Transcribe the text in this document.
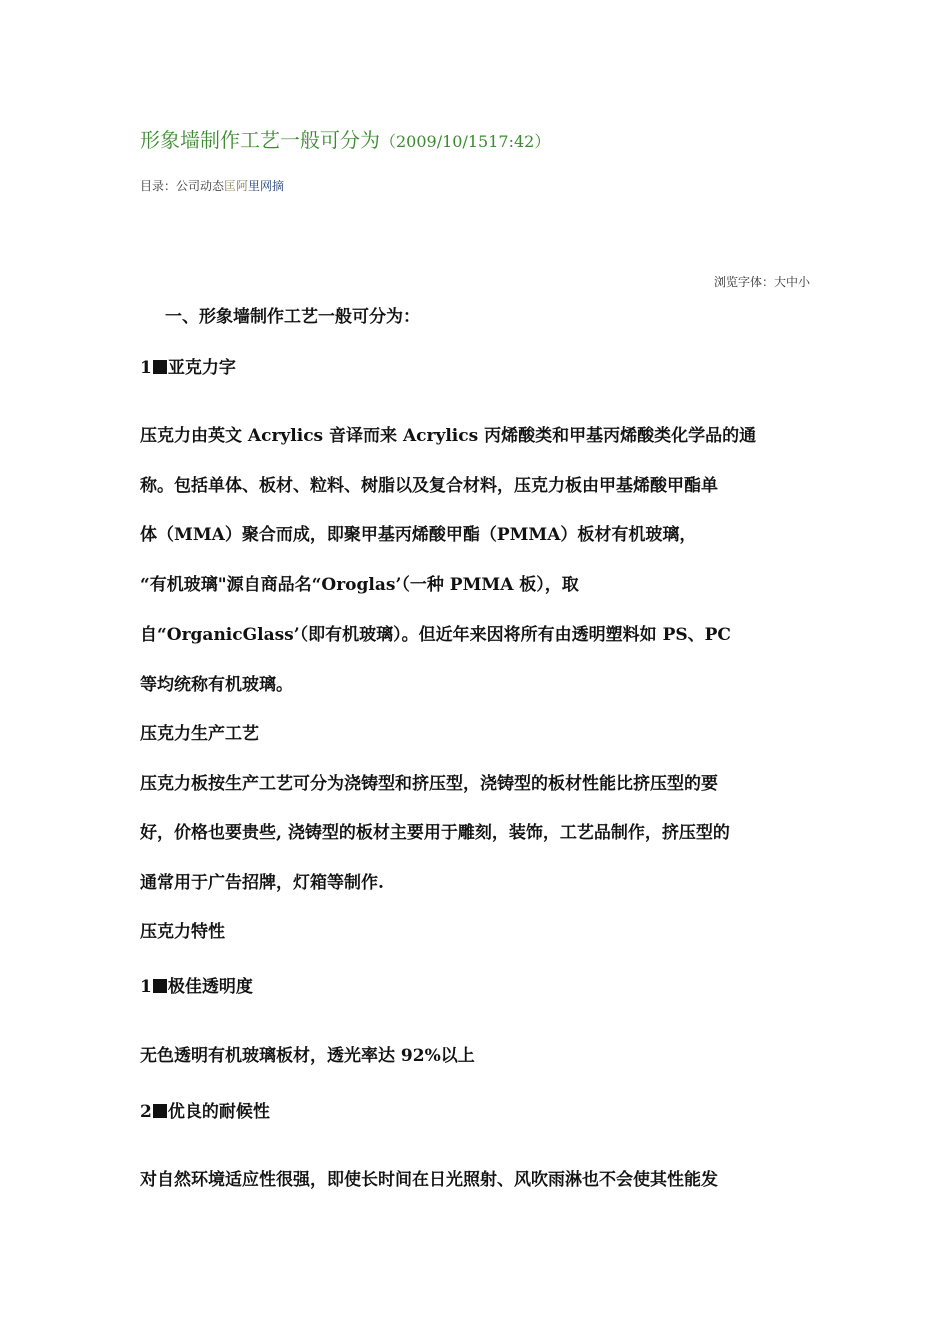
形象墙制作工艺一般可分为（2009/10/1517:42）
目录：公司动态匡阿里网摘
浏览字体：大中小
一、形象墙制作工艺一般可分为：
1 亚克力字
压克力由英文 Acrylics 音译而来 Acrylics 丙烯酸类和甲基丙烯酸类化学品的通
称。包括单体、板材、粒料、树脂以及复合材料，压克力板由甲基烯酸甲酯单
体（MMA）聚合而成，即聚甲基丙烯酸甲酯（PMMA）板材有机玻璃，
“有机玻璃"源自商品名“Oroglas’（一种 PMMA 板），取
自“OrganicGlass’（即有机玻璃）。但近年来因将所有由透明塑料如 PS、PC
等均统称有机玻璃。
压克力生产工艺
压克力板按生产工艺可分为浇铸型和挤压型，浇铸型的板材性能比挤压型的要
好，价格也要贵些, 浇铸型的板材主要用于雕刻，装饰，工艺品制作，挤压型的
通常用于广告招牌，灯箱等制作.
压克力特性
1 极佳透明度
无色透明有机玻璃板材，透光率达 92%以上
2 优良的耐候性
对自然环境适应性很强，即使长时间在日光照射、风吹雨淋也不会使其性能发
